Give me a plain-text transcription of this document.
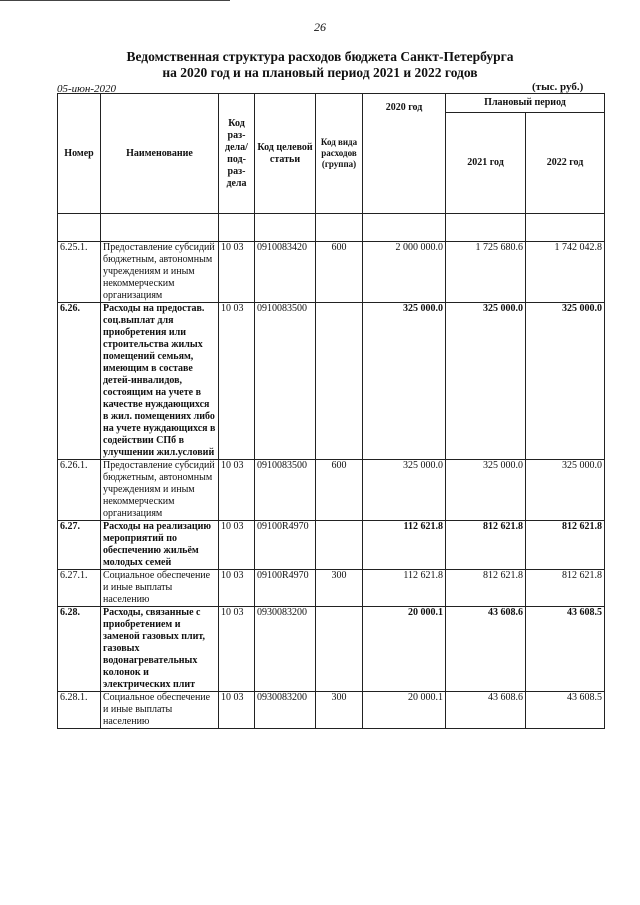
26
Ведомственная структура расходов бюджета Санкт-Петербурга
на 2020 год и на плановый период 2021 и 2022 годов
05-июн-2020	(тыс. руб.)
Номер	Наименование	Код раз-дела/ под-раз-дела	Код целевой статьи	Код вида расходов (группа)	2020 год	Плановый период	
						2021 год	2022 год

6.25.1.	Предоставление субсидий бюджетным, автономным учреждениям и иным некоммерческим организациям	10 03	0910083420	600	2 000 000.0	1 725 680.6	1 742 042.8
6.26.	Расходы на предостав. соц.выплат для приобретения или строительства жилых помещений семьям, имеющим в составе детей-инвалидов, состоящим на учете в качестве нуждающихся в жил. помещениях либо на учете нуждающихся в содействии СПб в улучшении жил.условий	10 03	0910083500		325 000.0	325 000.0	325 000.0
6.26.1.	Предоставление субсидий бюджетным, автономным учреждениям и иным некоммерческим организациям	10 03	0910083500	600	325 000.0	325 000.0	325 000.0
6.27.	Расходы на реализацию мероприятий по обеспечению жильём молодых семей	10 03	09100R4970		112 621.8	812 621.8	812 621.8
6.27.1.	Социальное обеспечение и иные выплаты населению	10 03	09100R4970	300	112 621.8	812 621.8	812 621.8
6.28.	Расходы, связанные с приобретением и заменой газовых плит, газовых водонагревательных колонок и электрических плит	10 03	0930083200		20 000.1	43 608.6	43 608.5
6.28.1.	Социальное обеспечение и иные выплаты населению	10 03	0930083200	300	20 000.1	43 608.6	43 608.5
